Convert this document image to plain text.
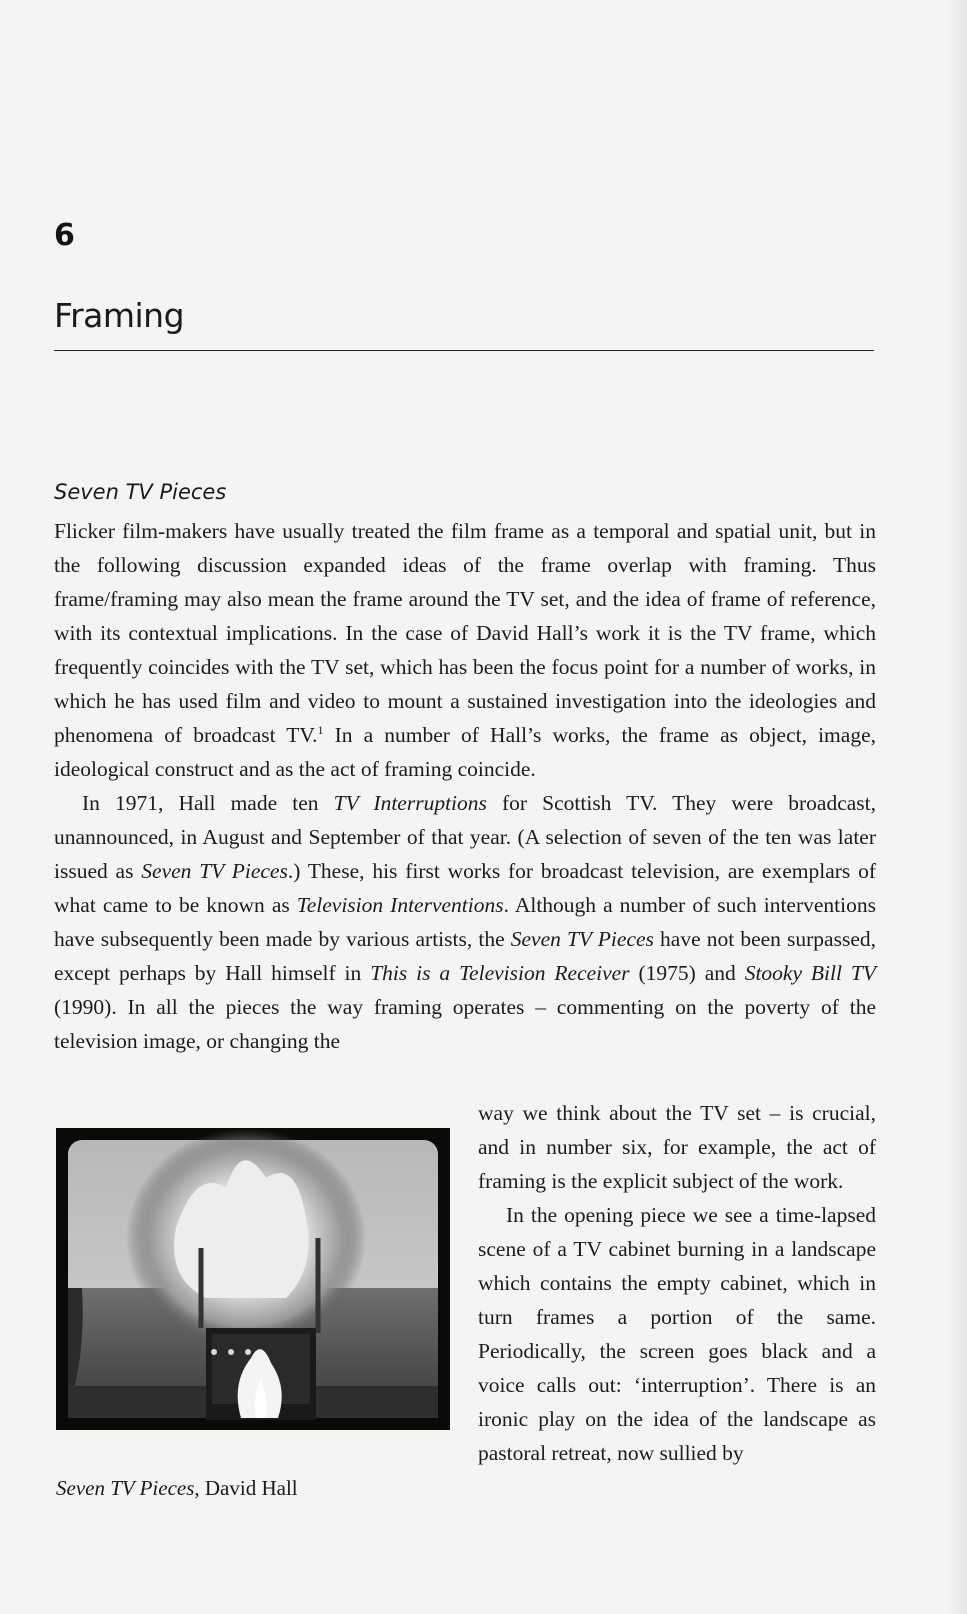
6
Framing
Seven TV Pieces

Flicker film-makers have usually treated the film frame as a temporal and spatial unit, but in the following discussion expanded ideas of the frame overlap with framing. Thus frame/framing may also mean the frame around the TV set, and the idea of frame of reference, with its contextual implications. In the case of David Hall’s work it is the TV frame, which frequently coincides with the TV set, which has been the focus point for a number of works, in which he has used film and video to mount a sustained investigation into the ideologies and phenomena of broadcast TV.$^1$ In a number of Hall’s works, the frame as object, image, ideological construct and as the act of framing coincide.

In 1971, Hall made ten TV Interruptions for Scottish TV. They were broadcast, unannounced, in August and September of that year. (A selection of seven of the ten was later issued as Seven TV Pieces.) These, his first works for broadcast television, are exemplars of what came to be known as Television Interventions. Although a number of such interventions have subsequently been made by various artists, the Seven TV Pieces have not been surpassed, except perhaps by Hall himself in This is a Television Receiver (1975) and Stooky Bill TV (1990). In all the pieces the way framing operates – commenting on the poverty of the television image, or changing the

way we think about the TV set – is crucial, and in number six, for example, the act of framing is the explicit subject of the work.

In the opening piece we see a time-lapsed scene of a TV cabinet burning in a landscape which contains the empty cabinet, which in turn frames a portion of the same. Periodically, the screen goes black and a voice calls out: ‘interruption’. There is an ironic play on the idea of the landscape as pastoral retreat, now sullied by

Seven TV Pieces, David Hall
